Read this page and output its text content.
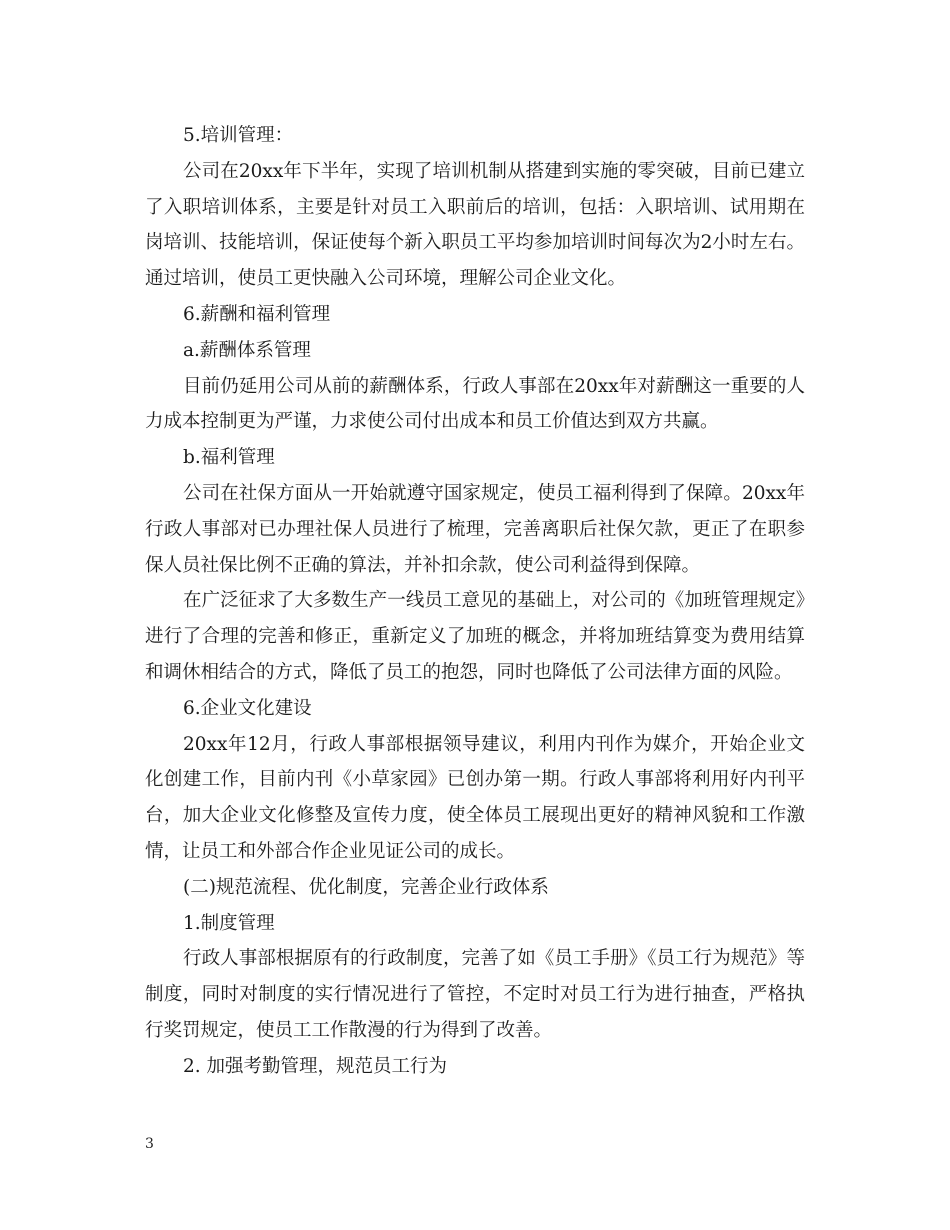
5.培训管理：

公司在20xx年下半年，实现了培训机制从搭建到实施的零突破，目前已建立了入职培训体系，主要是针对员工入职前后的培训，包括：入职培训、试用期在岗培训、技能培训，保证使每个新入职员工平均参加培训时间每次为2小时左右。通过培训，使员工更快融入公司环境，理解公司企业文化。

6.薪酬和福利管理

a.薪酬体系管理

目前仍延用公司从前的薪酬体系，行政人事部在20xx年对薪酬这一重要的人力成本控制更为严谨，力求使公司付出成本和员工价值达到双方共赢。

b.福利管理

公司在社保方面从一开始就遵守国家规定，使员工福利得到了保障。20xx年行政人事部对已办理社保人员进行了梳理，完善离职后社保欠款，更正了在职参保人员社保比例不正确的算法，并补扣余款，使公司利益得到保障。

在广泛征求了大多数生产一线员工意见的基础上，对公司的《加班管理规定》进行了合理的完善和修正，重新定义了加班的概念，并将加班结算变为费用结算和调休相结合的方式，降低了员工的抱怨，同时也降低了公司法律方面的风险。

6.企业文化建设

20xx年12月，行政人事部根据领导建议，利用内刊作为媒介，开始企业文化创建工作，目前内刊《小草家园》已创办第一期。行政人事部将利用好内刊平台，加大企业文化修整及宣传力度，使全体员工展现出更好的精神风貌和工作激情，让员工和外部合作企业见证公司的成长。

(二)规范流程、优化制度，完善企业行政体系

1.制度管理

行政人事部根据原有的行政制度，完善了如《员工手册》《员工行为规范》等制度，同时对制度的实行情况进行了管控，不定时对员工行为进行抽查，严格执行奖罚规定，使员工工作散漫的行为得到了改善。

2. 加强考勤管理，规范员工行为

3
